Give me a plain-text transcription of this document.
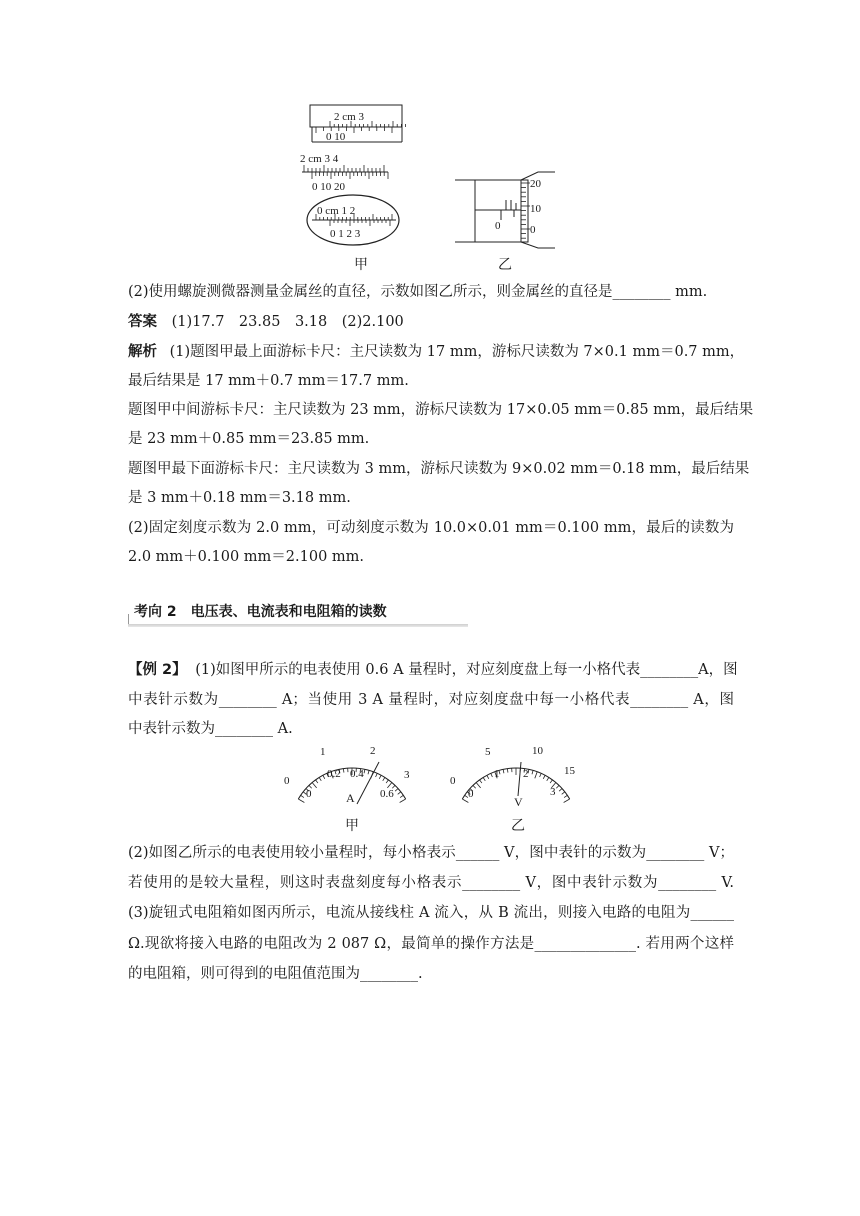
2 cm 3
0 10
2 cm 3 4
0 10 20
0 cm 1 2
0 1 2 3
0
20
10
0
甲	乙
(2)使用螺旋测微器测量金属丝的直径，示数如图乙所示，则金属丝的直径是________ mm.
答案 (1)17.7　23.85　3.18　(2)2.100
解析 (1)题图甲最上面游标卡尺：主尺读数为 17 mm，游标尺读数为 7×0.1 mm＝0.7 mm，
最后结果是 17 mm＋0.7 mm＝17.7 mm.
题图甲中间游标卡尺：主尺读数为 23 mm，游标尺读数为 17×0.05 mm＝0.85 mm，最后结果
是 23 mm＋0.85 mm＝23.85 mm.
题图甲最下面游标卡尺：主尺读数为 3 mm，游标尺读数为 9×0.02 mm＝0.18 mm，最后结果
是 3 mm＋0.18 mm＝3.18 mm.
(2)固定刻度示数为 2.0 mm，可动刻度示数为 10.0×0.01 mm＝0.100 mm，最后的读数为
2.0 mm＋0.100 mm＝2.100 mm.
考向 2　电压表、电流表和电阻箱的读数
【例 2】 (1)如图甲所示的电表使用 0.6 A 量程时，对应刻度盘上每一小格代表________A，图
中表针示数为________ A；当使用 3 A 量程时，对应刻度盘中每一小格代表________ A，图
中表针示数为________ A.
0
1	2
3
0
0.2 0.4
0.6
A
0
5	10
15
0
1 2
3
V
甲	乙
(2)如图乙所示的电表使用较小量程时，每小格表示______ V，图中表针的示数为________ V；
若使用的是较大量程，则这时表盘刻度每小格表示________ V，图中表针示数为________ V.
(3)旋钮式电阻箱如图丙所示，电流从接线柱 A 流入，从 B 流出，则接入电路的电阻为______
Ω.现欲将接入电路的电阻改为 2 087 Ω，最简单的操作方法是______________. 若用两个这样
的电阻箱，则可得到的电阻值范围为________.
